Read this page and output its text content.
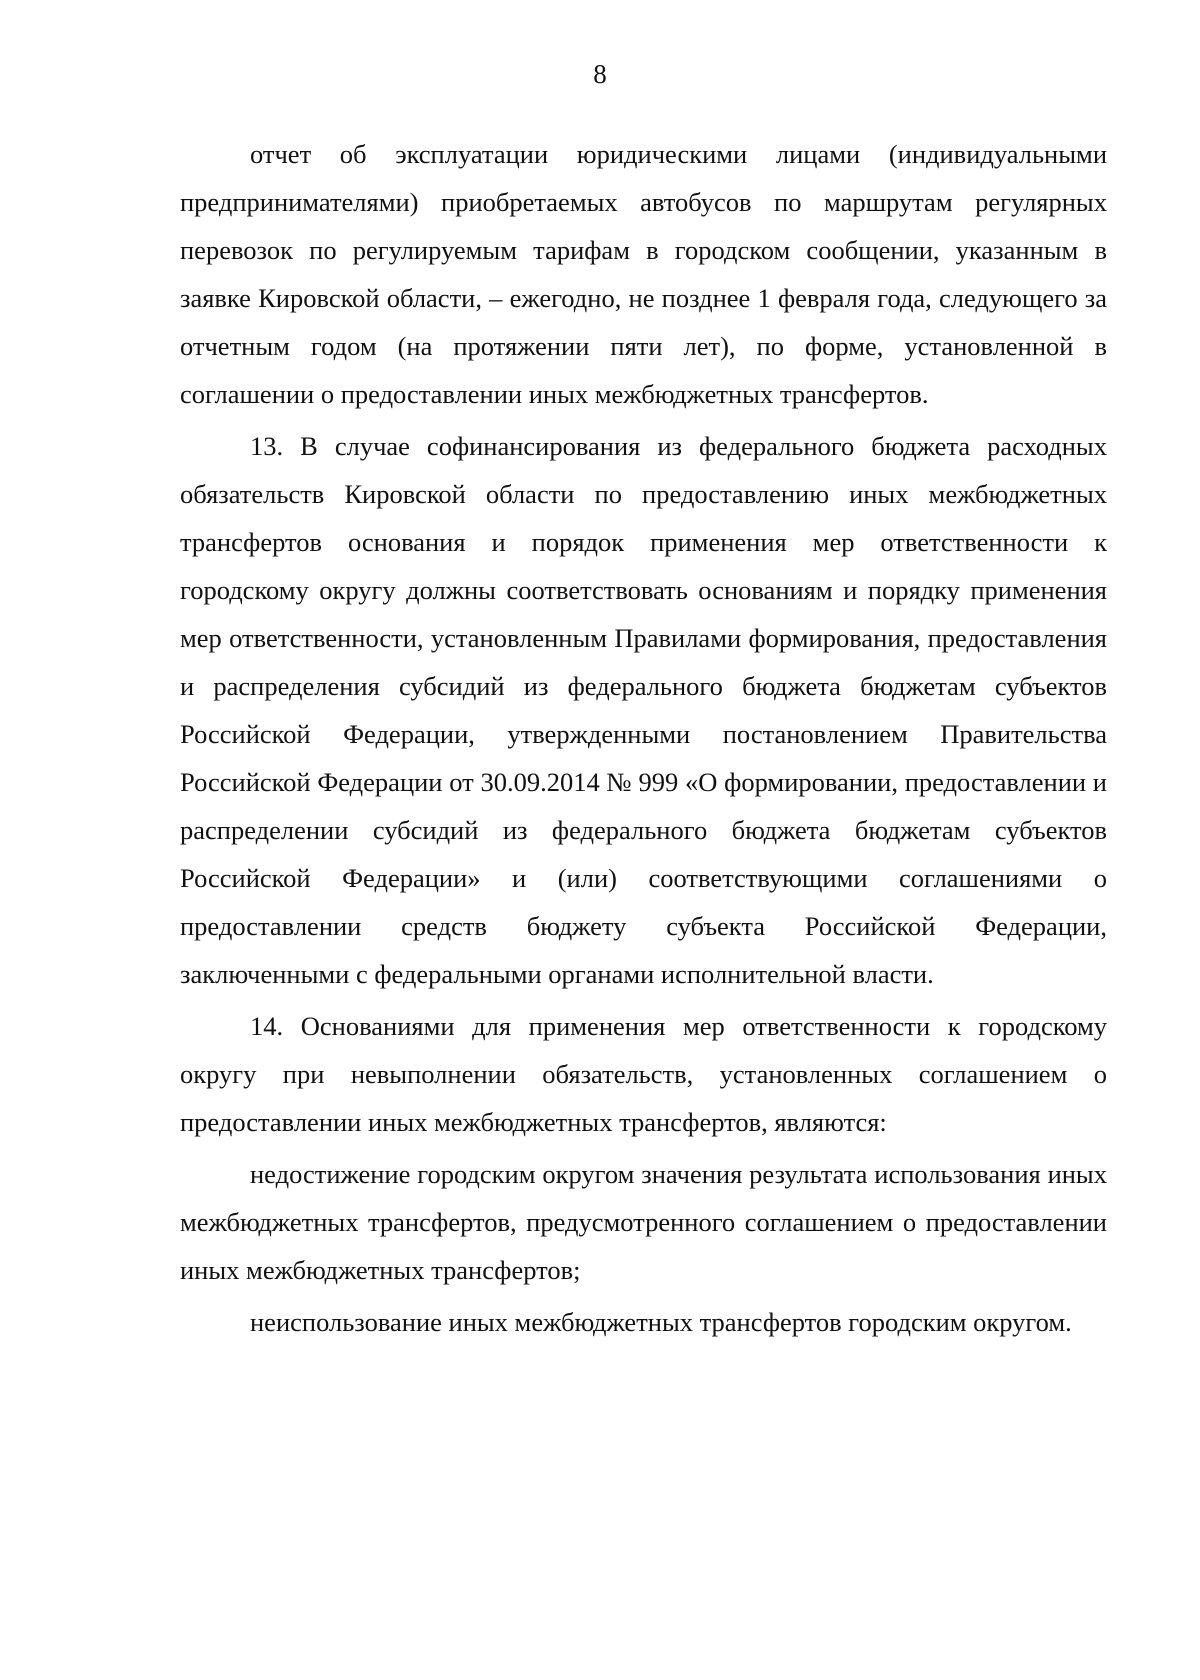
8

отчет об эксплуатации юридическими лицами (индивидуальными предпринимателями) приобретаемых автобусов по маршрутам регулярных перевозок по регулируемым тарифам в городском сообщении, указанным в заявке Кировской области, – ежегодно, не позднее 1 февраля года, следующего за отчетным годом (на протяжении пяти лет), по форме, установленной в соглашении о предоставлении иных межбюджетных трансфертов.

13. В случае софинансирования из федерального бюджета расходных обязательств Кировской области по предоставлению иных межбюджетных трансфертов основания и порядок применения мер ответственности к городскому округу должны соответствовать основаниям и порядку применения мер ответственности, установленным Правилами формирования, предоставления и распределения субсидий из федерального бюджета бюджетам субъектов Российской Федерации, утвержденными постановлением Правительства Российской Федерации от 30.09.2014 № 999 «О формировании, предоставлении и распределении субсидий из федерального бюджета бюджетам субъектов Российской Федерации» и (или) соответствующими соглашениями о предоставлении средств бюджету субъекта Российской Федерации, заключенными с федеральными органами исполнительной власти.

14. Основаниями для применения мер ответственности к городскому округу при невыполнении обязательств, установленных соглашением о предоставлении иных межбюджетных трансфертов, являются:

недостижение городским округом значения результата использования иных межбюджетных трансфертов, предусмотренного соглашением о предоставлении иных межбюджетных трансфертов;

неиспользование иных межбюджетных трансфертов городским округом.
